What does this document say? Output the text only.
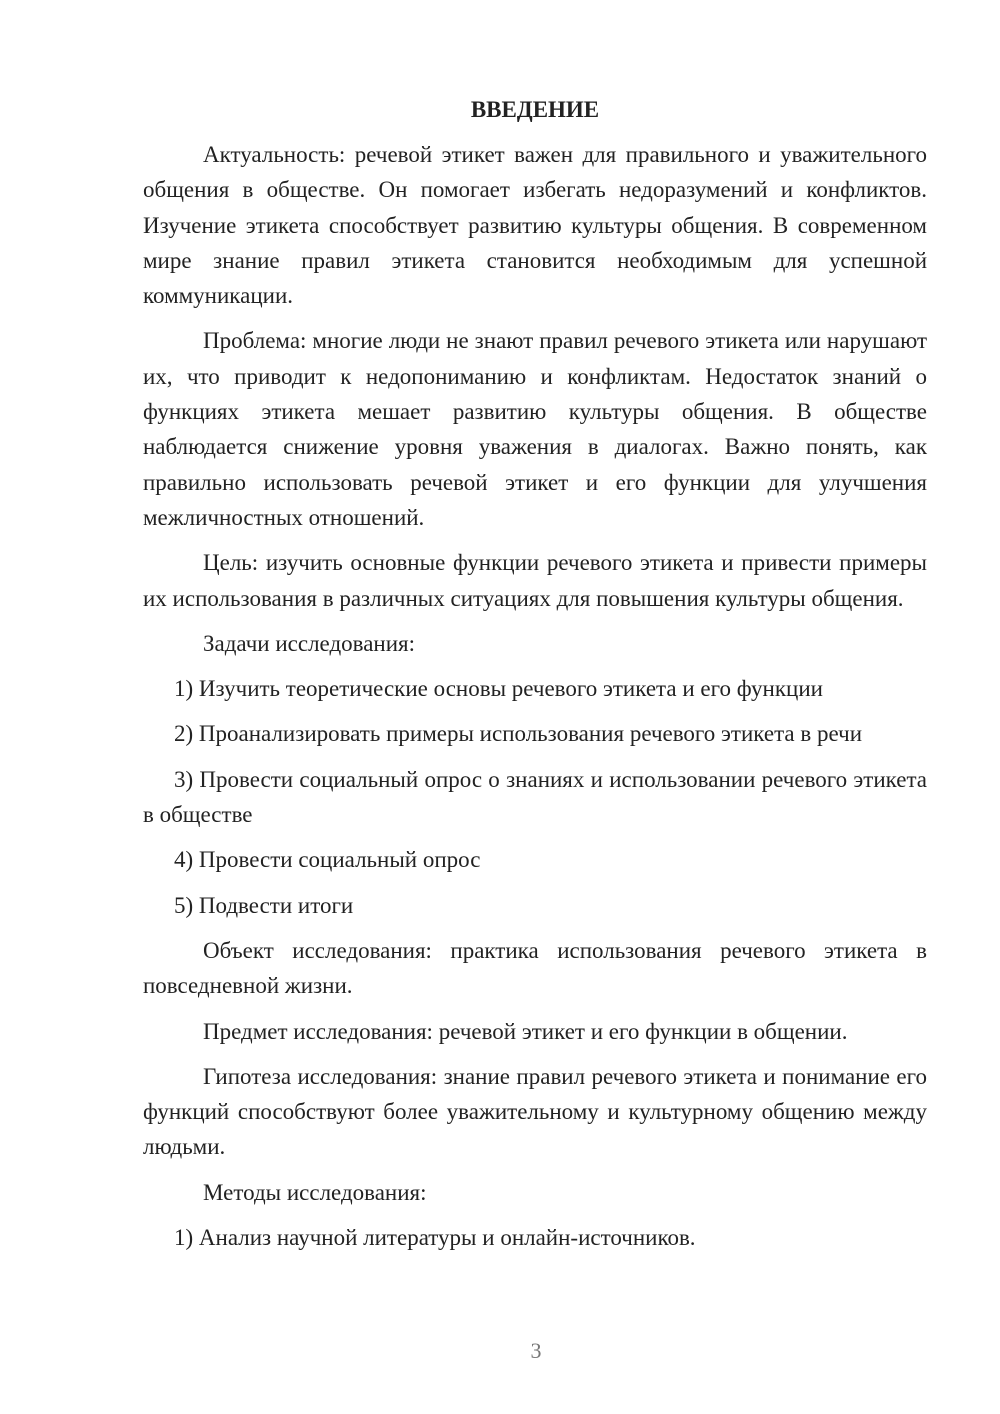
ВВЕДЕНИЕ

Актуальность: речевой этикет важен для правильного и уважительного общения в обществе. Он помогает избегать недоразумений и конфликтов. Изучение этикета способствует развитию культуры общения. В современном мире знание правил этикета становится необходимым для успешной коммуникации.

Проблема: многие люди не знают правил речевого этикета или нарушают их, что приводит к недопониманию и конфликтам. Недостаток знаний о функциях этикета мешает развитию культуры общения. В обществе наблюдается снижение уровня уважения в диалогах. Важно понять, как правильно использовать речевой этикет и его функции для улучшения межличностных отношений.

Цель: изучить основные функции речевого этикета и привести примеры их использования в различных ситуациях для повышения культуры общения.

Задачи исследования:

1) Изучить теоретические основы речевого этикета и его функции

2) Проанализировать примеры использования речевого этикета в речи

3) Провести социальный опрос о знаниях и использовании речевого этикета в обществе

4) Провести социальный опрос

5) Подвести итоги

Объект исследования: практика использования речевого этикета в повседневной жизни.

Предмет исследования: речевой этикет и его функции в общении.

Гипотеза исследования: знание правил речевого этикета и понимание его функций способствуют более уважительному и культурному общению между людьми.

Методы исследования:

1) Анализ научной литературы и онлайн-источников.

3
